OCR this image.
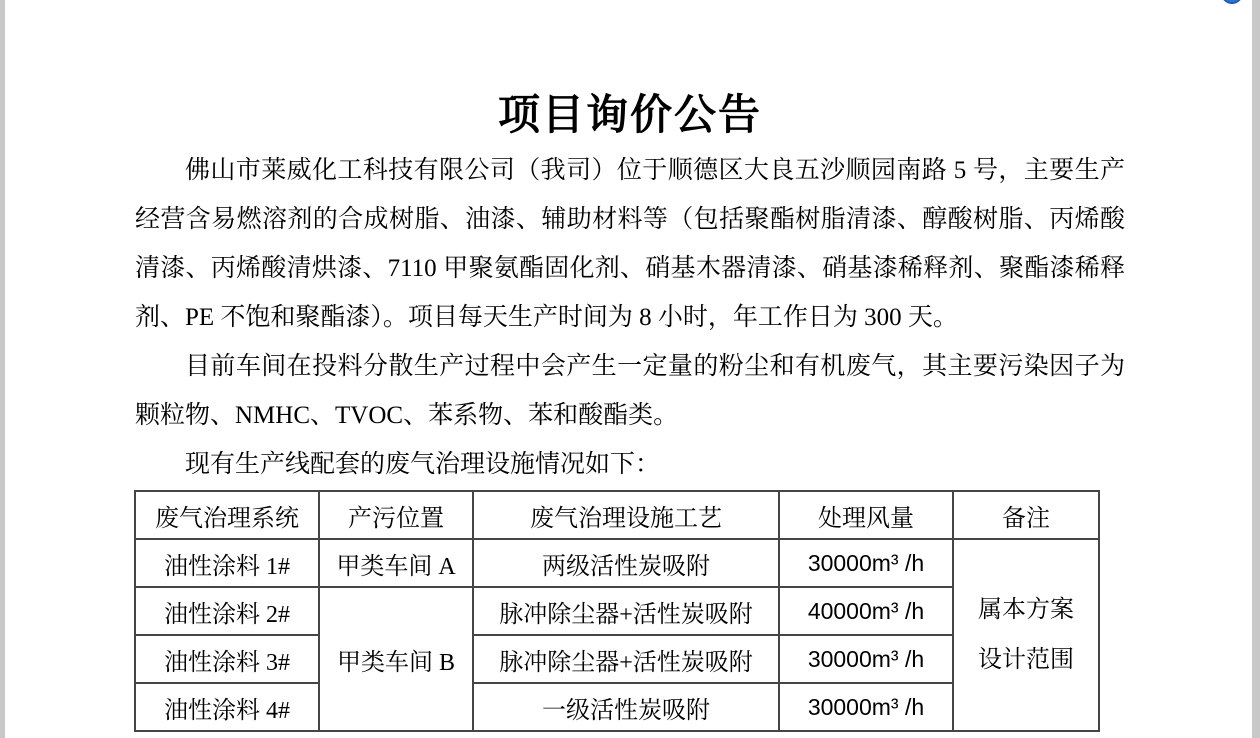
项目询价公告

佛山市莱威化工科技有限公司（我司）位于顺德区大良五沙顺园南路 5 号，主要生产经营含易燃溶剂的合成树脂、油漆、辅助材料等（包括聚酯树脂清漆、醇酸树脂、丙烯酸清漆、丙烯酸清烘漆、7110 甲聚氨酯固化剂、硝基木器清漆、硝基漆稀释剂、聚酯漆稀释剂、PE 不饱和聚酯漆）。项目每天生产时间为 8 小时，年工作日为 300 天。

目前车间在投料分散生产过程中会产生一定量的粉尘和有机废气，其主要污染因子为颗粒物、NMHC、TVOC、苯系物、苯和酸酯类。

现有生产线配套的废气治理设施情况如下：

废气治理系统	产污位置	废气治理设施工艺	处理风量	备注
油性涂料 1#	甲类车间 A	两级活性炭吸附	30000m³ /h	属本方案
设计范围

油性涂料 2#	甲类车间 B	脉冲除尘器+活性炭吸附	40000m³ /h	
油性涂料 3#		脉冲除尘器+活性炭吸附	30000m³ /h	
油性涂料 4#		一级活性炭吸附	30000m³ /h	
